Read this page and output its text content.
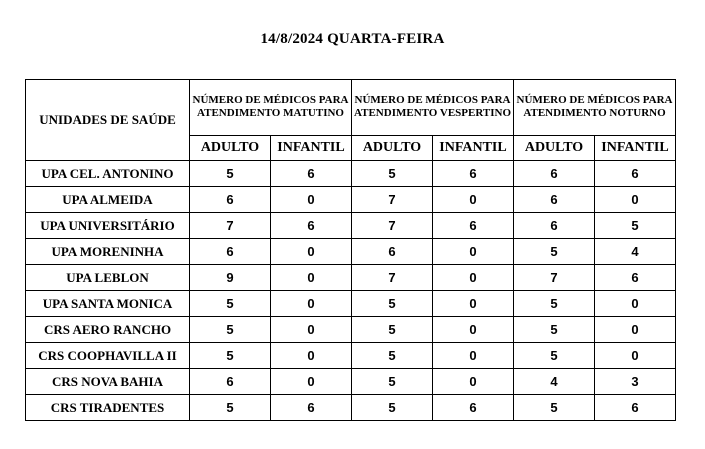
14/8/2024 QUARTA-FEIRA
UNIDADES DE SAÚDE	NÚMERO DE MÉDICOS PARA ATENDIMENTO MATUTINO		NÚMERO DE MÉDICOS PARA ATENDIMENTO VESPERTINO		NÚMERO DE MÉDICOS PARA ATENDIMENTO NOTURNO	
	ADULTO	INFANTIL	ADULTO	INFANTIL	ADULTO	INFANTIL
UPA CEL. ANTONINO	5	6	5	6	6	6
UPA ALMEIDA	6	0	7	0	6	0
UPA UNIVERSITÁRIO	7	6	7	6	6	5
UPA MORENINHA	6	0	6	0	5	4
UPA LEBLON	9	0	7	0	7	6
UPA SANTA MONICA	5	0	5	0	5	0
CRS AERO RANCHO	5	0	5	0	5	0
CRS COOPHAVILLA II	5	0	5	0	5	0
CRS NOVA BAHIA	6	0	5	0	4	3
CRS TIRADENTES	5	6	5	6	5	6
